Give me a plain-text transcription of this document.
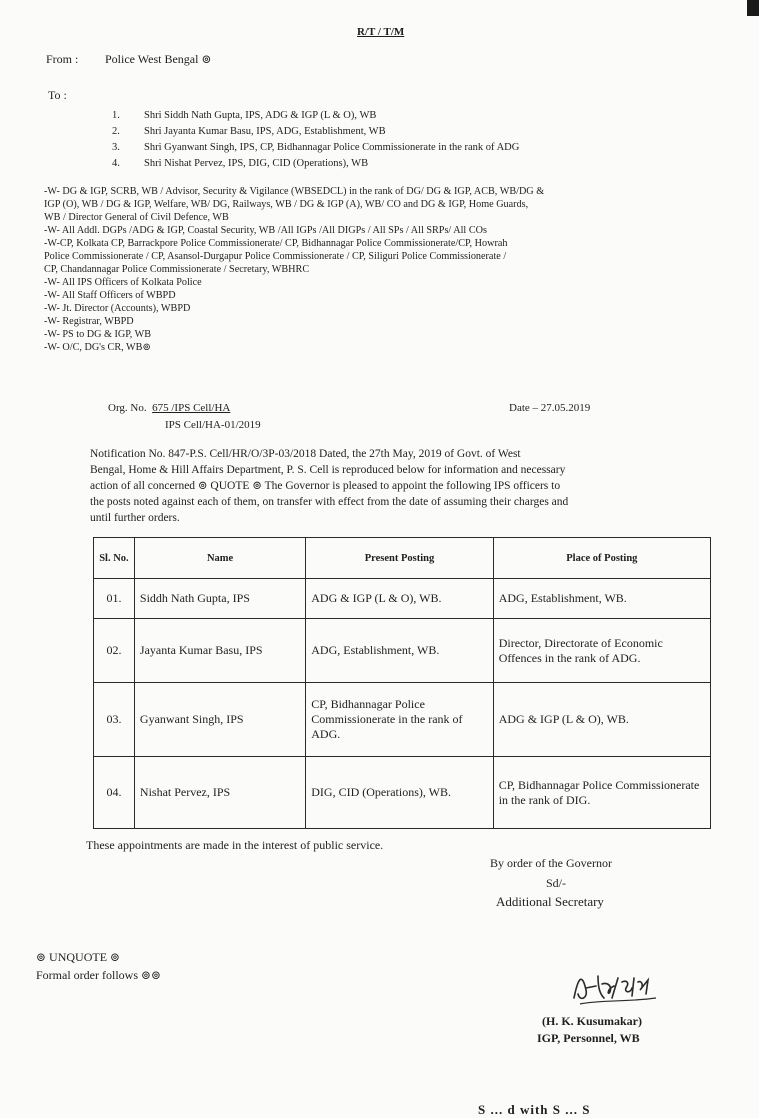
R/T / T/M
From : Police West Bengal ⊚
To :
1. Shri Siddh Nath Gupta, IPS, ADG & IGP (L & O), WB
2. Shri Jayanta Kumar Basu, IPS, ADG, Establishment, WB
3. Shri Gyanwant Singh, IPS, CP, Bidhannagar Police Commissionerate in the rank of ADG
4. Shri Nishat Pervez, IPS, DIG, CID (Operations), WB
-W- DG & IGP, SCRB, WB / Advisor, Security & Vigilance (WBSEDCL) in the rank of DG/ DG & IGP, ACB, WB/DG &
IGP (O), WB / DG & IGP, Welfare, WB/ DG, Railways, WB / DG & IGP (A), WB/ CO and DG & IGP, Home Guards,
WB / Director General of Civil Defence, WB
-W- All Addl. DGPs /ADG & IGP, Coastal Security, WB /All IGPs /All DIGPs / All SPs / All SRPs/ All COs
-W-CP, Kolkata CP, Barrackpore Police Commissionerate/ CP, Bidhannagar Police Commissionerate/CP, Howrah
Police Commissionerate / CP, Asansol-Durgapur Police Commissionerate / CP, Siliguri Police Commissionerate /
CP, Chandannagar Police Commissionerate / Secretary, WBHRC
-W- All IPS Officers of Kolkata Police
-W- All Staff Officers of WBPD
-W- Jt. Director (Accounts), WBPD
-W- Registrar, WBPD
-W- PS to DG & IGP, WB
-W- O/C, DG's CR, WB⊚
Org. No. 675 /IPS Cell/HA
IPS Cell/HA-01/2019
Date – 27.05.2019
Notification No. 847-P.S. Cell/HR/O/3P-03/2018 Dated, the 27th May, 2019 of Govt. of West
Bengal, Home & Hill Affairs Department, P. S. Cell is reproduced below for information and necessary
action of all concerned ⊚ QUOTE ⊚ The Governor is pleased to appoint the following IPS officers to
the posts noted against each of them, on transfer with effect from the date of assuming their charges and
until further orders.
Sl. No.	Name	Present Posting	Place of Posting
01.	Siddh Nath Gupta, IPS	ADG & IGP (L & O), WB.	ADG, Establishment, WB.
02.	Jayanta Kumar Basu, IPS	ADG, Establishment, WB.	Director, Directorate of Economic Offences in the rank of ADG.
03.	Gyanwant Singh, IPS	CP, Bidhannagar Police Commissionerate in the rank of ADG.	ADG & IGP (L & O), WB.
04.	Nishat Pervez, IPS	DIG, CID (Operations), WB.	CP, Bidhannagar Police Commissionerate in the rank of DIG.
These appointments are made in the interest of public service.
By order of the Governor
Sd/-
Additional Secretary
⊚ UNQUOTE ⊚
Formal order follows ⊚⊚
(H. K. Kusumakar)
IGP, Personnel, WB
S ... d with S ... S
